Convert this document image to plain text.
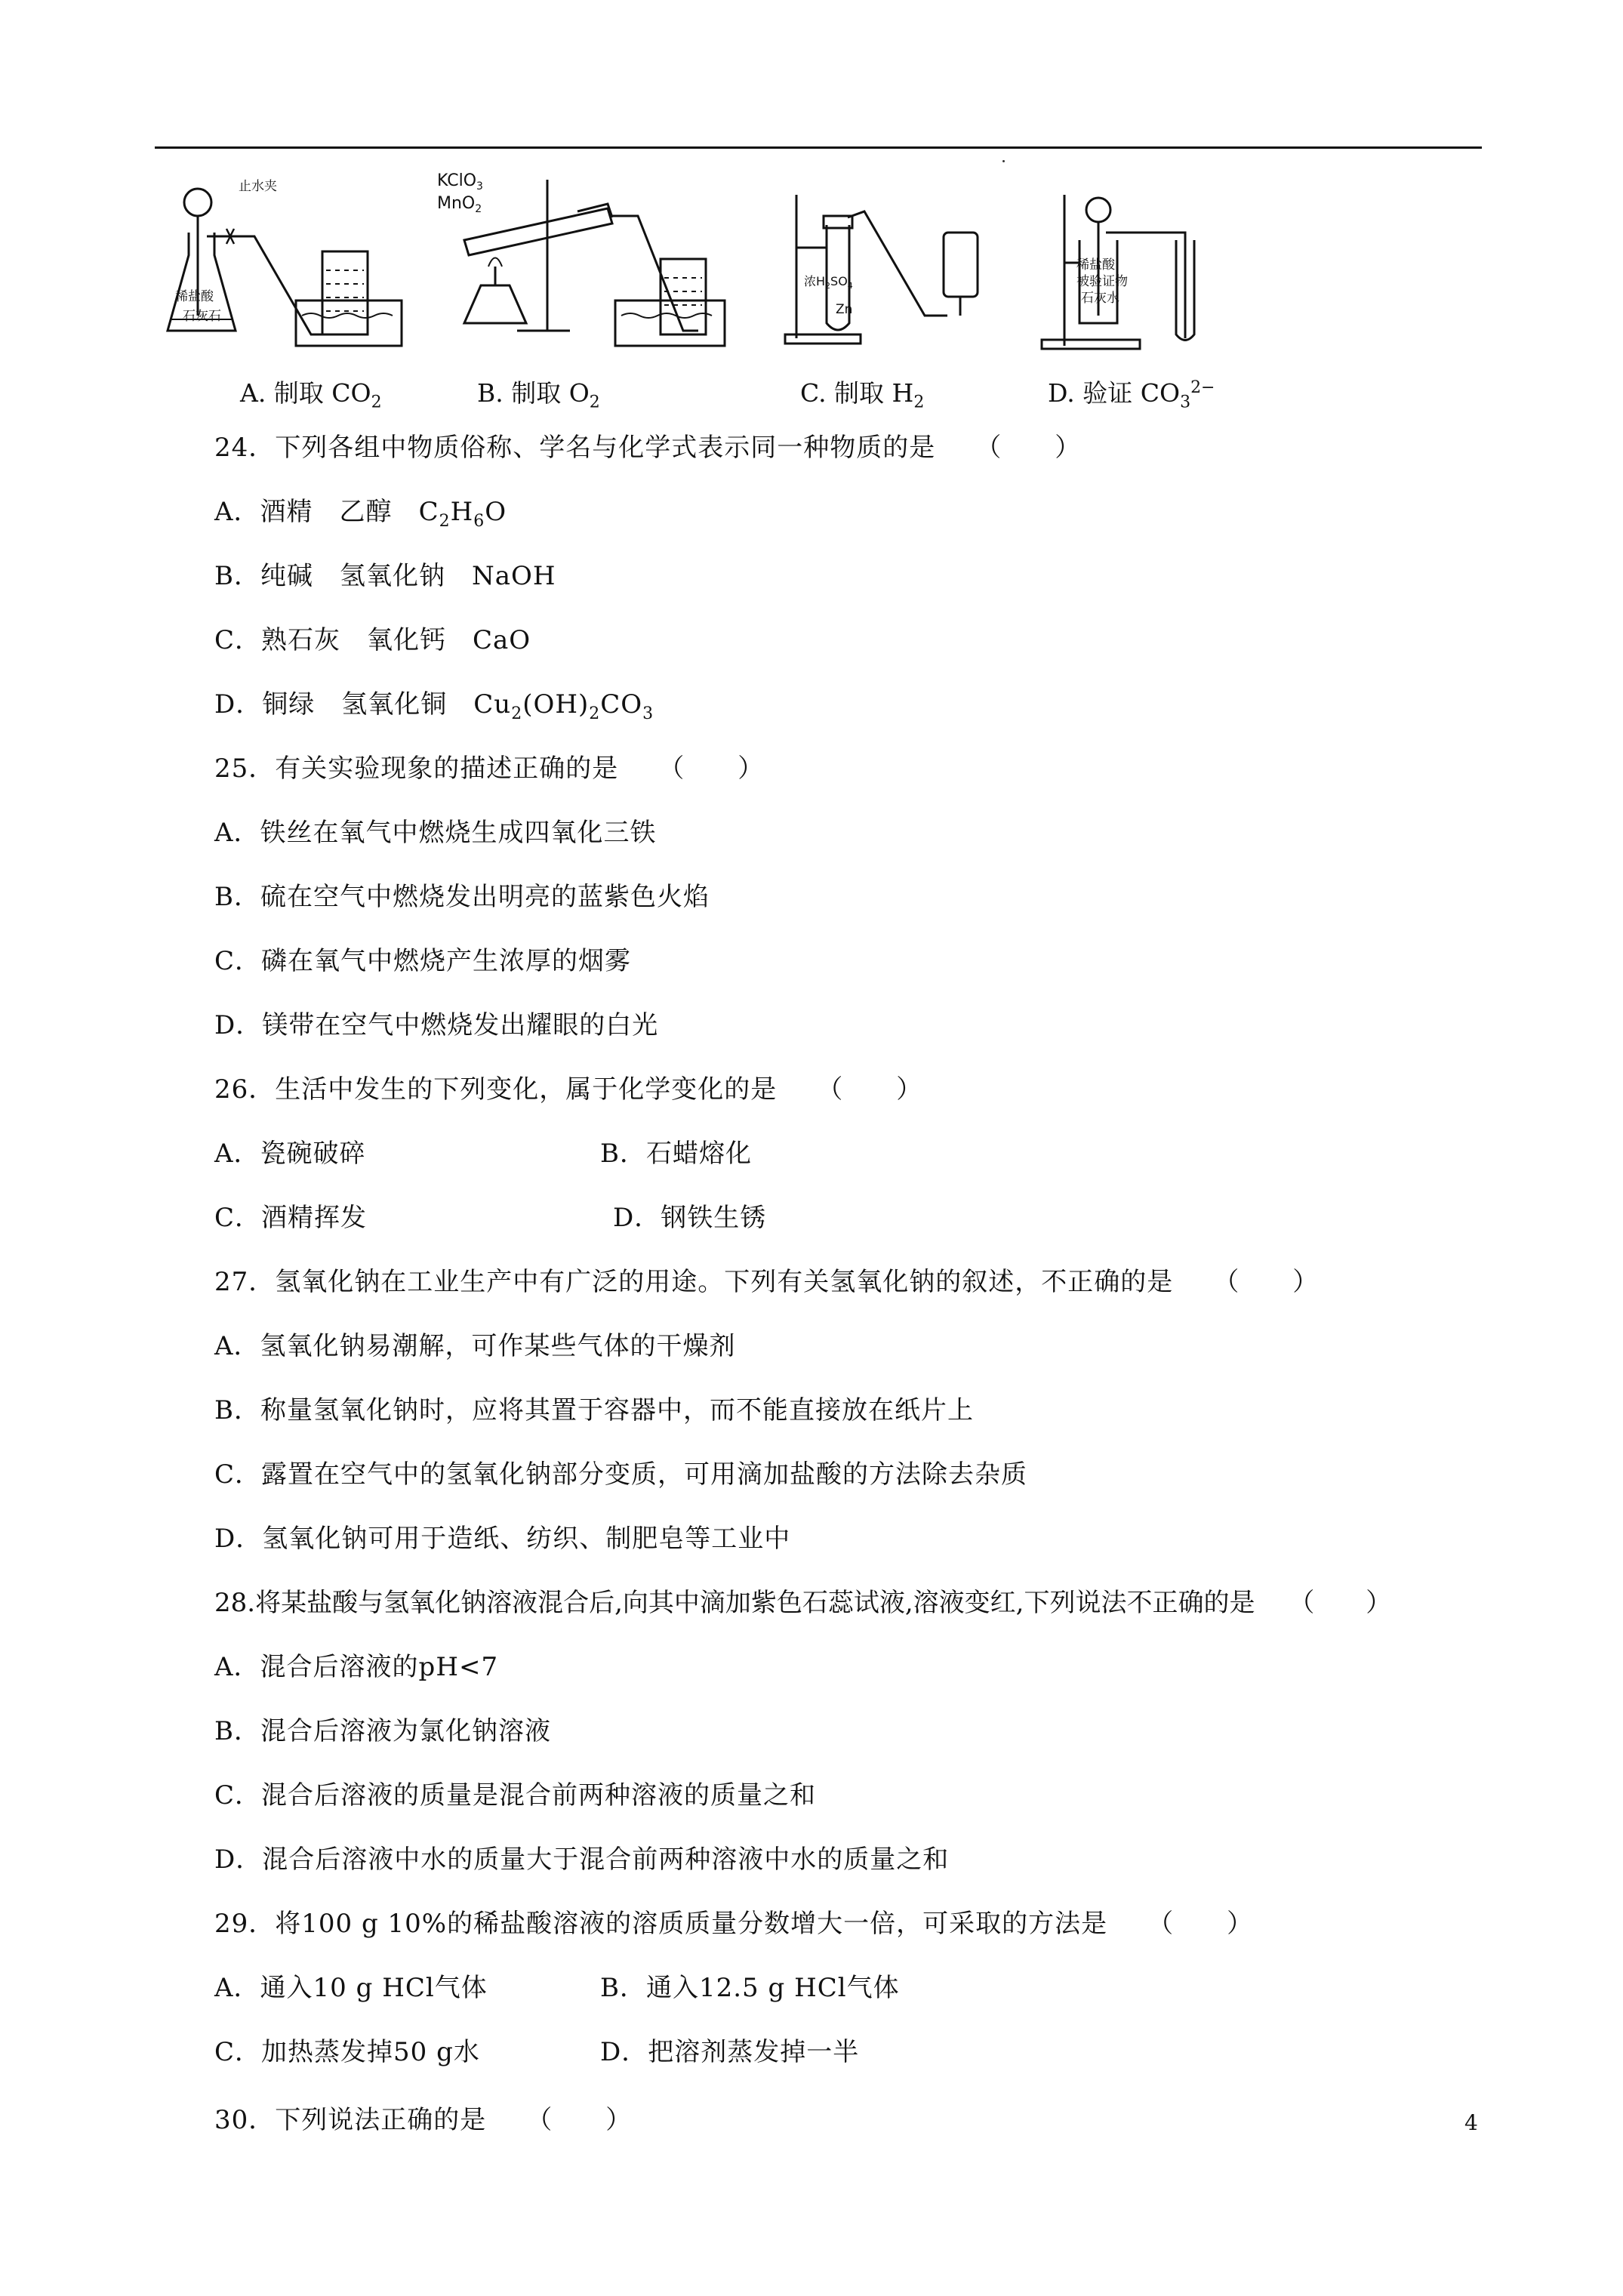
止水夹
稀盐酸
石灰石
A. 制取 $CO_2$
KClO$_3$
MnO$_2$
B. 制取 $O_2$
浓$H_2SO_4$
Zn
C. 制取 $H_2$
稀盐酸
被验证物
石灰水
D. 验证 $CO_3^{2-}$
24．下列各组中物质俗称、学名与化学式表示同一种物质的是　　（　　）
A．酒精　乙醇　$C_2H_6O$
B．纯碱　氢氧化钠　NaOH
C．熟石灰　氧化钙　CaO
D．铜绿　氢氧化铜　$Cu_2(OH)_2CO_3$
25．有关实验现象的描述正确的是　　（　　）
A．铁丝在氧气中燃烧生成四氧化三铁
B．硫在空气中燃烧发出明亮的蓝紫色火焰
C．磷在氧气中燃烧产生浓厚的烟雾
D．镁带在空气中燃烧发出耀眼的白光
26．生活中发生的下列变化，属于化学变化的是　　（　　）
A．瓷碗破碎	B．石蜡熔化
C．酒精挥发	D．钢铁生锈
27．氢氧化钠在工业生产中有广泛的用途。下列有关氢氧化钠的叙述，不正确的是　　（　　）
A．氢氧化钠易潮解，可作某些气体的干燥剂
B．称量氢氧化钠时，应将其置于容器中，而不能直接放在纸片上
C．露置在空气中的氢氧化钠部分变质，可用滴加盐酸的方法除去杂质
D．氢氧化钠可用于造纸、纺织、制肥皂等工业中
28.将某盐酸与氢氧化钠溶液混合后,向其中滴加紫色石蕊试液,溶液变红,下列说法不正确的是　 （　　）
A．混合后溶液的pH<7
B．混合后溶液为氯化钠溶液
C．混合后溶液的质量是混合前两种溶液的质量之和
D．混合后溶液中水的质量大于混合前两种溶液中水的质量之和
29．将100 g 10%的稀盐酸溶液的溶质质量分数增大一倍，可采取的方法是　　（　　）
A．通入10 g HCl气体	B．通入12.5 g HCl气体
C．加热蒸发掉50 g水	D．把溶剂蒸发掉一半
30．下列说法正确的是　　（　　）	4
